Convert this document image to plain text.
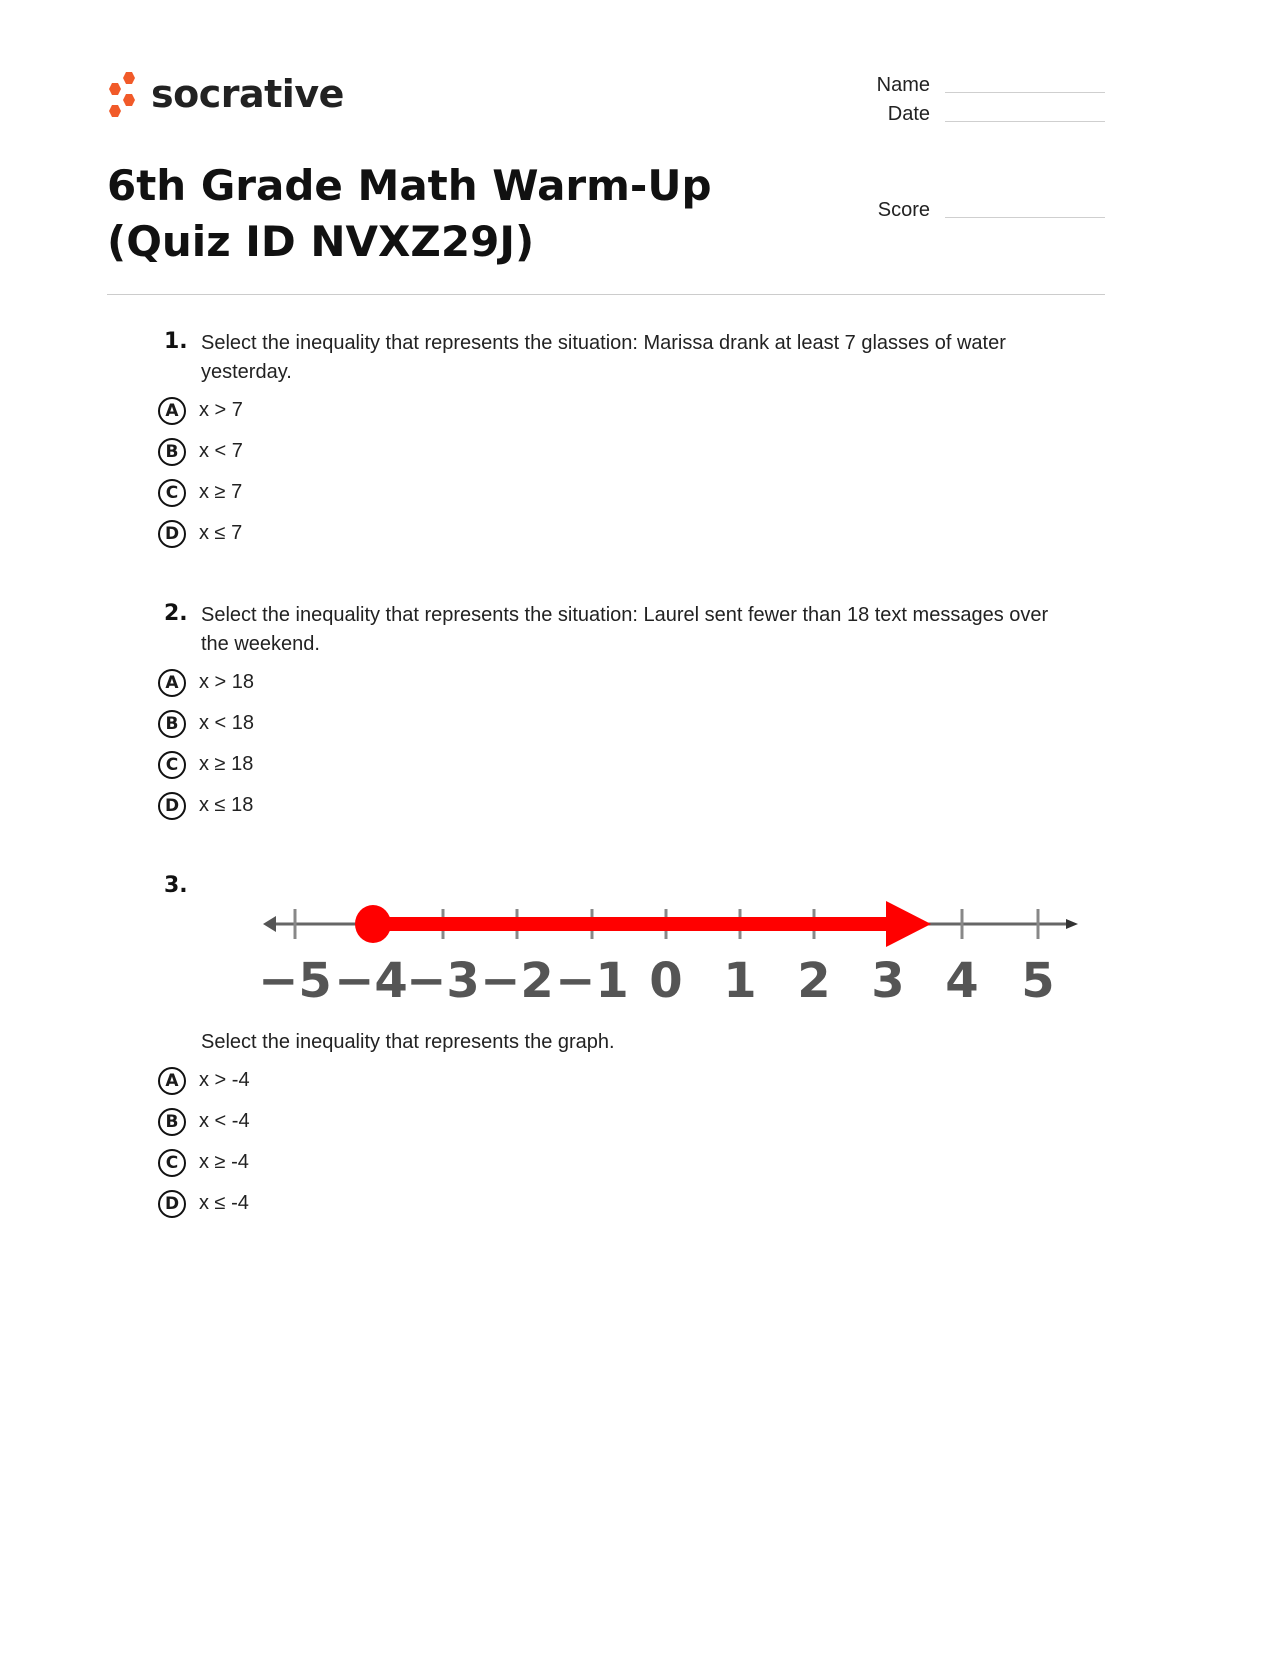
socrative	Name
Date
Score
6th Grade Math Warm-Up (Quiz ID NVXZ29J)
1. Select the inequality that represents the situation: Marissa drank at least 7 glasses of water yesterday.
A	x > 7
B	x < 7
C	x ≥ 7
D x ≤ 7
2. Select the inequality that represents the situation: Laurel sent fewer than 18 text messages over the weekend.
A	x > 18
B	x < 18
C	x ≥ 18
D x ≤ 18
3.
−5 −4
−3 −2 −1 0 1 2 3 4 5
Select the inequality that represents the graph.
A	x > -4
B	x < -4
C	x ≥ -4
D x ≤ -4
